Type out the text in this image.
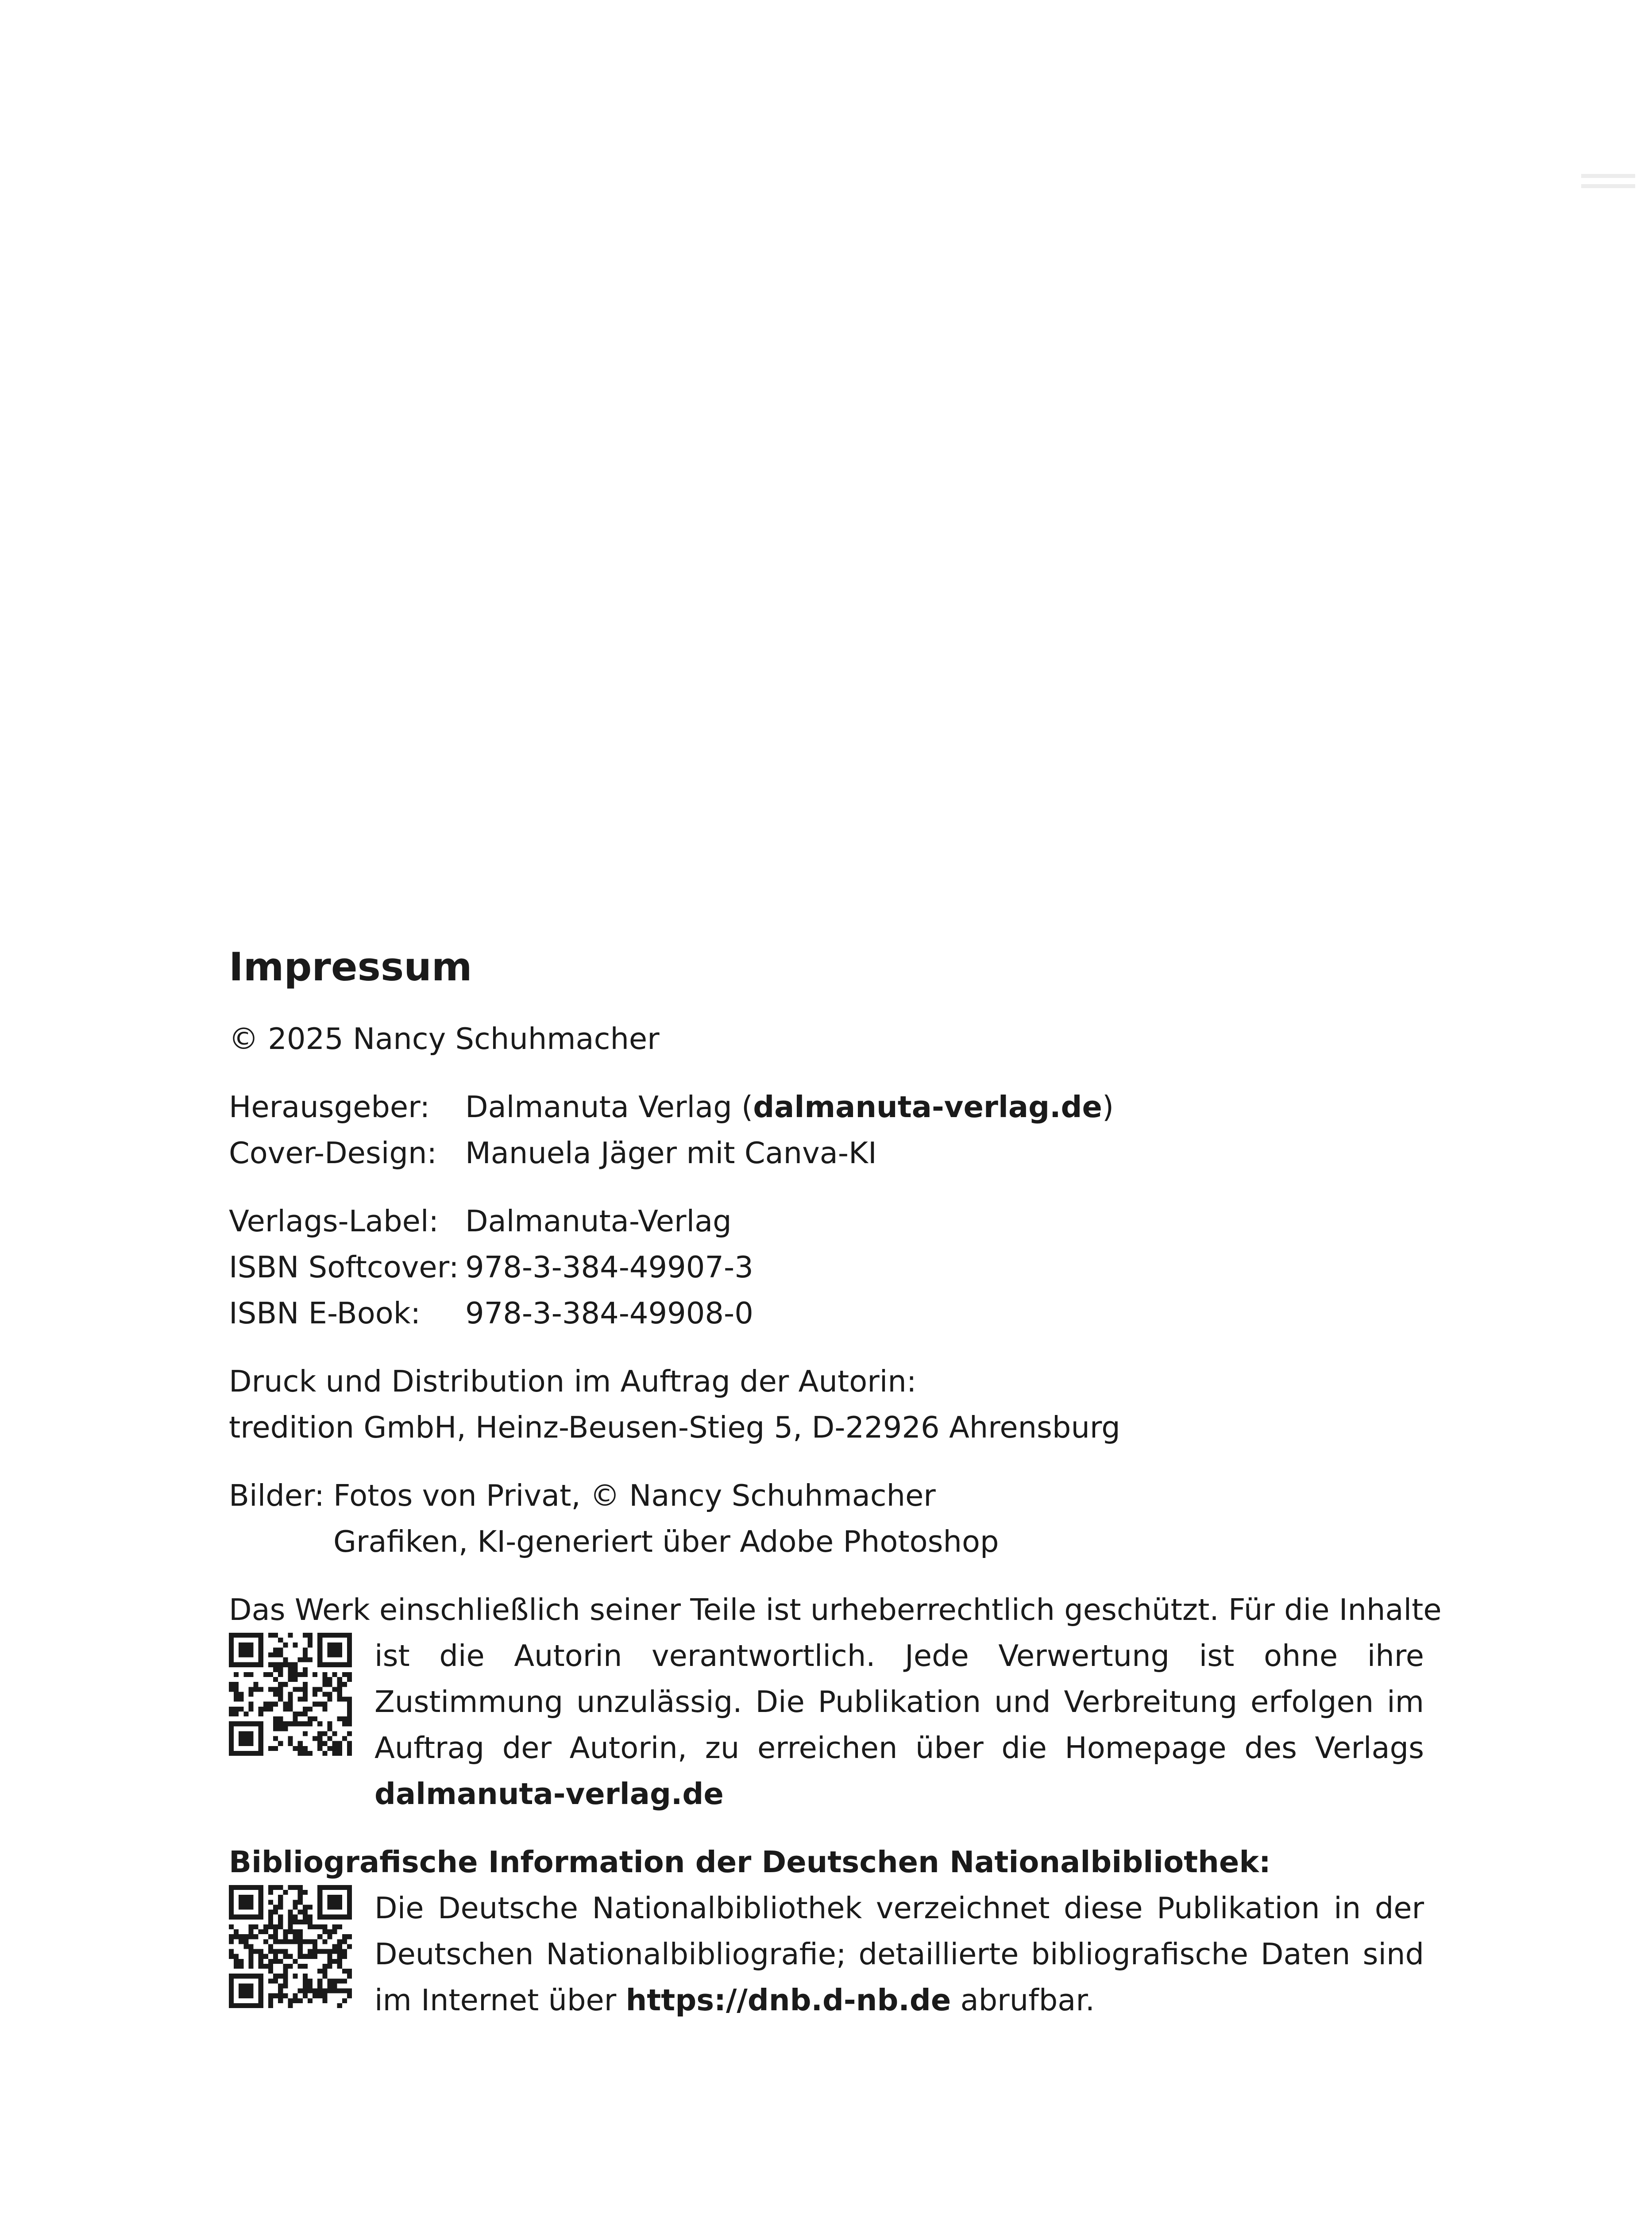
Impressum
© 2025 Nancy Schuhmacher
Herausgeber:	Dalmanuta Verlag (dalmanuta-verlag.de)
Cover-Design: Manuela Jäger mit Canva-KI
Verlags-Label: Dalmanuta-Verlag
ISBN Softcover: 978-3-384-49907-3
ISBN E-Book:	978-3-384-49908-0
Druck und Distribution im Auftrag der Autorin:
tredition GmbH, Heinz-Beusen-Stieg 5, D-22926 Ahrensburg
Bilder: Fotos von Privat, © Nancy Schuhmacher
Grafiken, KI-generiert über Adobe Photoshop
Das Werk einschließlich seiner Teile ist urheberrechtlich geschützt. Für die Inhalte
ist die Autorin verantwortlich. Jede Verwertung ist ohne ihre Zustimmung unzulässig. Die Publikation und Verbreitung erfolgen im Auftrag der Autorin, zu erreichen über die Homepage des Verlags dalmanuta-verlag.de
Bibliografische Information der Deutschen Nationalbibliothek:
Die Deutsche Nationalbibliothek verzeichnet diese Publikation in der Deutschen Nationalbibliografie; detaillierte bibliografische Daten sind im Internet über https://dnb.d-nb.de abrufbar.
